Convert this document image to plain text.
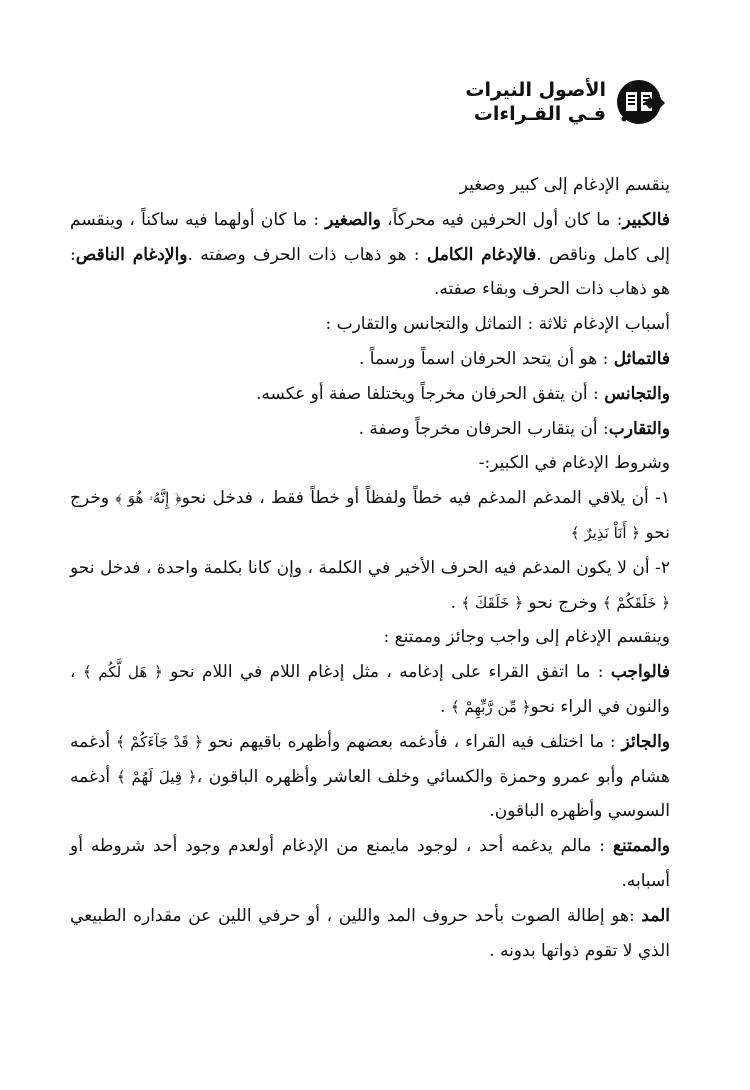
الأصول النيرات
فـي القـراءات

ينقسم الإدغام إلى كبير وصغير

فالكبير: ما كان أول الحرفين فيه محركاً، والصغير : ما كان أولهما فيه ساكناً ، وينقسم إلى كامل وناقص .فالإدغام الكامل : هو ذهاب ذات الحرف وصفته .والإدغام الناقص: هو ذهاب ذات الحرف وبقاء صفته.

أسباب الإدغام ثلاثة : التماثل والتجانس والتقارب :

فالتماثل : هو أن يتحد الحرفان اسماً ورسماً .

والتجانس : أن يتفق الحرفان مخرجاً ويختلفا صفة أو عكسه.

والتقارب: أن يتقارب الحرفان مخرجاً وصفة .

وشروط الإدغام في الكبير:-

١- أن يلاقي المدغم المدغم فيه خطاً ولفظاً أو خطاً فقط ، فدخل نحو﴿ إِنَّهُۥ هُوَ ﴾ وخرج نحو ﴿ أَنَاْ نَذِيرٌ ﴾

٢- أن لا يكون المدغم فيه الحرف الأخير في الكلمة ، وإن كانا بكلمة واحدة ، فدخل نحو ﴿ خَلَقَكُمْ ﴾ وخرج نحو ﴿ خَلَقَكَ ﴾ .

وينقسم الإدغام إلى واجب وجائز وممتنع :

فالواجب : ما اتفق القراء على إدغامه ، مثل إدغام اللام في اللام نحو ﴿ هَل لَّكُم ﴾ ، والنون في الراء نحو﴿ مِّن رَّبِّهِمْ ﴾ .

والجائز : ما اختلف فيه القراء ، فأدغمه بعضهم وأظهره باقيهم نحو ﴿ قَدْ جَآءَكُمْ ﴾ أدغمه هشام وأبو عمرو وحمزة والكسائي وخلف العاشر وأظهره الباقون ،﴿ قِيلَ لَهُمْ ﴾ أدغمه السوسي وأظهره الباقون.

والممتنع : مالم يدغمه أحد ، لوجود مايمنع من الإدغام أولعدم وجود أحد شروطه أو أسبابه.

المد :هو إطالة الصوت بأحد حروف المد واللين ، أو حرفي اللين عن مقداره الطبيعي الذي لا تقوم ذواتها بدونه .
